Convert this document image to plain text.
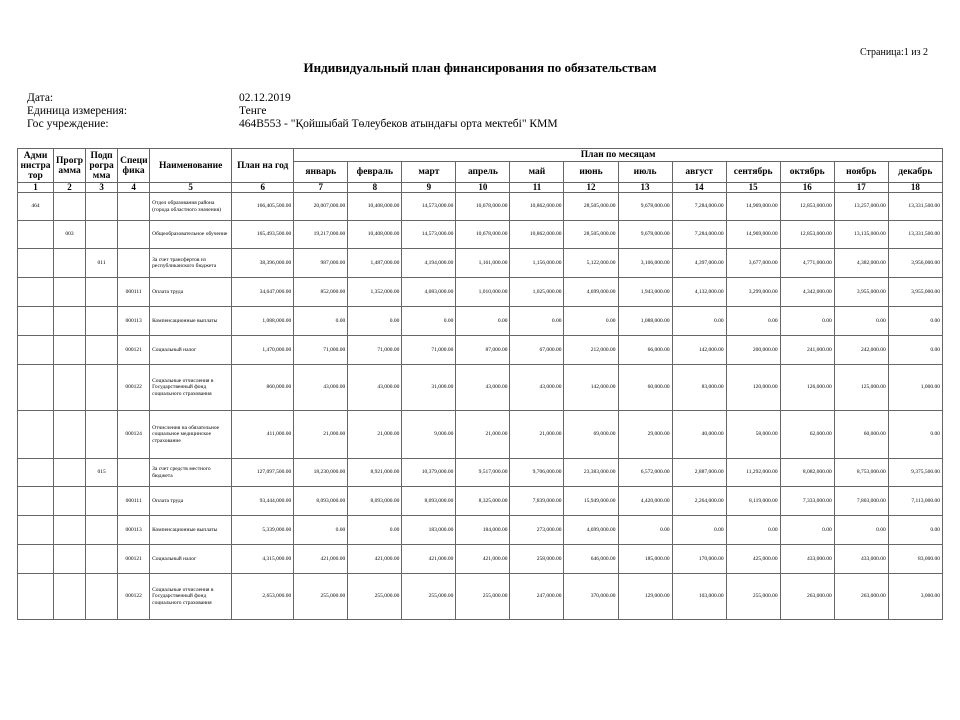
Страница:1 из 2
Индивидуальный план финансирования по обязательствам
Дата:	02.12.2019
Единица измерения:	Тенге
Гос учреждение:	464B553 - "Қойшыбай Төлеубеков атындағы орта мектебі" КММ
Адми нистра тор	Прогр амма	Подп рогра мма	Специ фика	Наименование	План на год	План по месяцам											
						январь	февраль	март	апрель	май	июнь	июль	август	сентябрь	октябрь	ноябрь	декабрь
1	2	3	4	5	6	7	8	9	10	11	12	13	14	15	16	17	18
464				Отдел образования района (города областного значения)	166,405,500.00	20,007,000.00	10,408,000.00	14,573,000.00	10,678,000.00	10,862,000.00	28,505,000.00	9,678,000.00	7,284,000.00	14,969,000.00	12,853,000.00	13,257,000.00	13,331,500.00
	003			Общеобразовательное обучение	165,493,500.00	19,217,000.00	10,408,000.00	14,573,000.00	10,678,000.00	10,862,000.00	28,505,000.00	9,678,000.00	7,284,000.00	14,969,000.00	12,853,000.00	13,135,000.00	13,331,500.00
		011		За счет трансфертов из республиканского бюджета	38,396,000.00	987,000.00	1,487,000.00	4,194,000.00	1,161,000.00	1,156,000.00	5,122,000.00	3,106,000.00	4,397,000.00	3,677,000.00	4,771,000.00	4,382,000.00	3,956,000.00
			000111	Оплата труда	34,647,000.00	852,000.00	1,352,000.00	4,083,000.00	1,010,000.00	1,025,000.00	4,699,000.00	1,943,000.00	4,132,000.00	3,299,000.00	4,342,000.00	3,955,000.00	3,955,000.00
			000113	Компенсационные выплаты	1,088,000.00	0.00	0.00	0.00	0.00	0.00	0.00	1,088,000.00	0.00	0.00	0.00	0.00	0.00
			000121	Социальный налог	1,470,000.00	71,000.00	71,000.00	71,000.00	87,000.00	67,000.00	212,000.00	66,000.00	142,000.00	200,000.00	241,000.00	242,000.00	0.00
			000122	Социальные отчисления в Государственный фонд социального страхования	860,000.00	43,000.00	43,000.00	31,000.00	43,000.00	43,000.00	142,000.00	60,000.00	83,000.00	120,000.00	126,000.00	125,000.00	1,000.00
			000124	Отчисления на обязательное социальное медицинское страхование	411,000.00	21,000.00	21,000.00	9,000.00	21,000.00	21,000.00	69,000.00	29,000.00	40,000.00	58,000.00	62,000.00	60,000.00	0.00
		015		За счет средств местного бюджета	127,097,500.00	18,230,000.00	8,921,000.00	10,379,000.00	9,517,000.00	9,706,000.00	23,383,000.00	6,572,000.00	2,887,000.00	11,292,000.00	8,082,000.00	8,753,000.00	9,375,500.00
			000111	Оплата труда	93,444,000.00	8,093,000.00	8,093,000.00	8,093,000.00	8,325,000.00	7,839,000.00	15,949,000.00	4,420,000.00	2,264,000.00	8,119,000.00	7,333,000.00	7,803,000.00	7,113,000.00
			000113	Компенсационные выплаты	5,339,000.00	0.00	0.00	183,000.00	184,000.00	273,000.00	4,699,000.00	0.00	0.00	0.00	0.00	0.00	0.00
			000121	Социальный налог	4,315,000.00	421,000.00	421,000.00	421,000.00	421,000.00	258,000.00	646,000.00	185,000.00	170,000.00	425,000.00	433,000.00	433,000.00	83,000.00
			000122	Социальные отчисления в Государственный фонд социального страхования	2,653,000.00	255,000.00	255,000.00	255,000.00	255,000.00	247,000.00	370,000.00	129,000.00	103,000.00	255,000.00	263,000.00	263,000.00	3,000.00
